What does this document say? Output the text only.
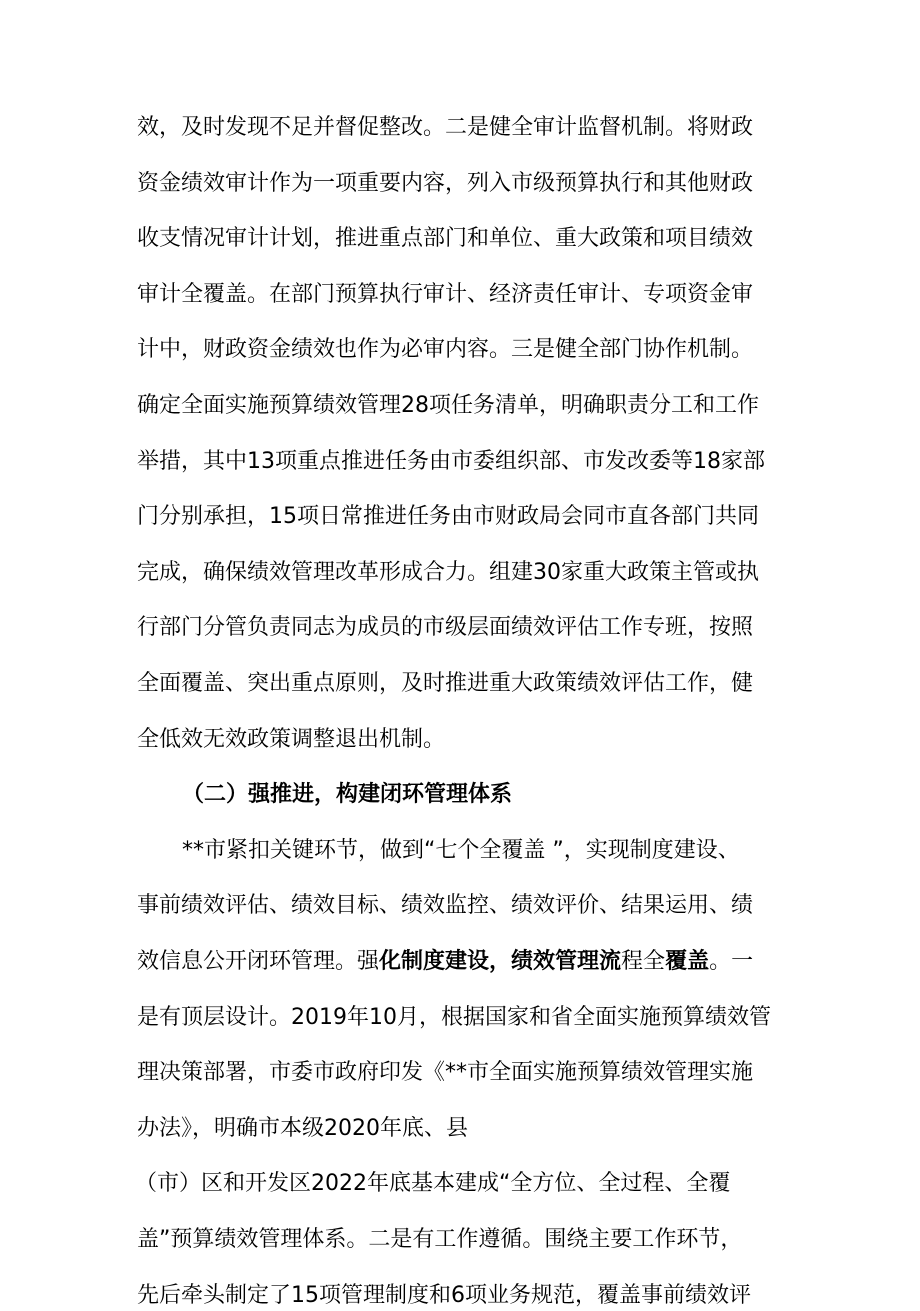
效，及时发现不足并督促整改。二是健全审计监督机制。将财政
资金绩效审计作为一项重要内容，列入市级预算执行和其他财政
收支情况审计计划，推进重点部门和单位、重大政策和项目绩效
审计全覆盖。在部门预算执行审计、经济责任审计、专项资金审
计中，财政资金绩效也作为必审内容。三是健全部门协作机制。
确定全面实施预算绩效管理28项任务清单，明确职责分工和工作
举措，其中13项重点推进任务由市委组织部、市发改委等18家部
门分别承担，15项日常推进任务由市财政局会同市直各部门共同
完成，确保绩效管理改革形成合力。组建30家重大政策主管或执
行部门分管负责同志为成员的市级层面绩效评估工作专班，按照
全面覆盖、突出重点原则，及时推进重大政策绩效评估工作，健
全低效无效政策调整退出机制。
（二）强推进，构建闭环管理体系
**市紧扣关键环节，做到“七个全覆盖 ”，实现制度建设、
事前绩效评估、绩效目标、绩效监控、绩效评价、结果运用、绩
效信息公开闭环管理。强化制度建设，绩效管理流程全覆盖。一
是有顶层设计。2019年10月，根据国家和省全面实施预算绩效管
理决策部署，市委市政府印发《**市全面实施预算绩效管理实施
办法》，明确市本级2020年底、县
（市）区和开发区2022年底基本建成“全方位、全过程、全覆
盖”预算绩效管理体系。二是有工作遵循。围绕主要工作环节，
先后牵头制定了15项管理制度和6项业务规范，覆盖事前绩效评
